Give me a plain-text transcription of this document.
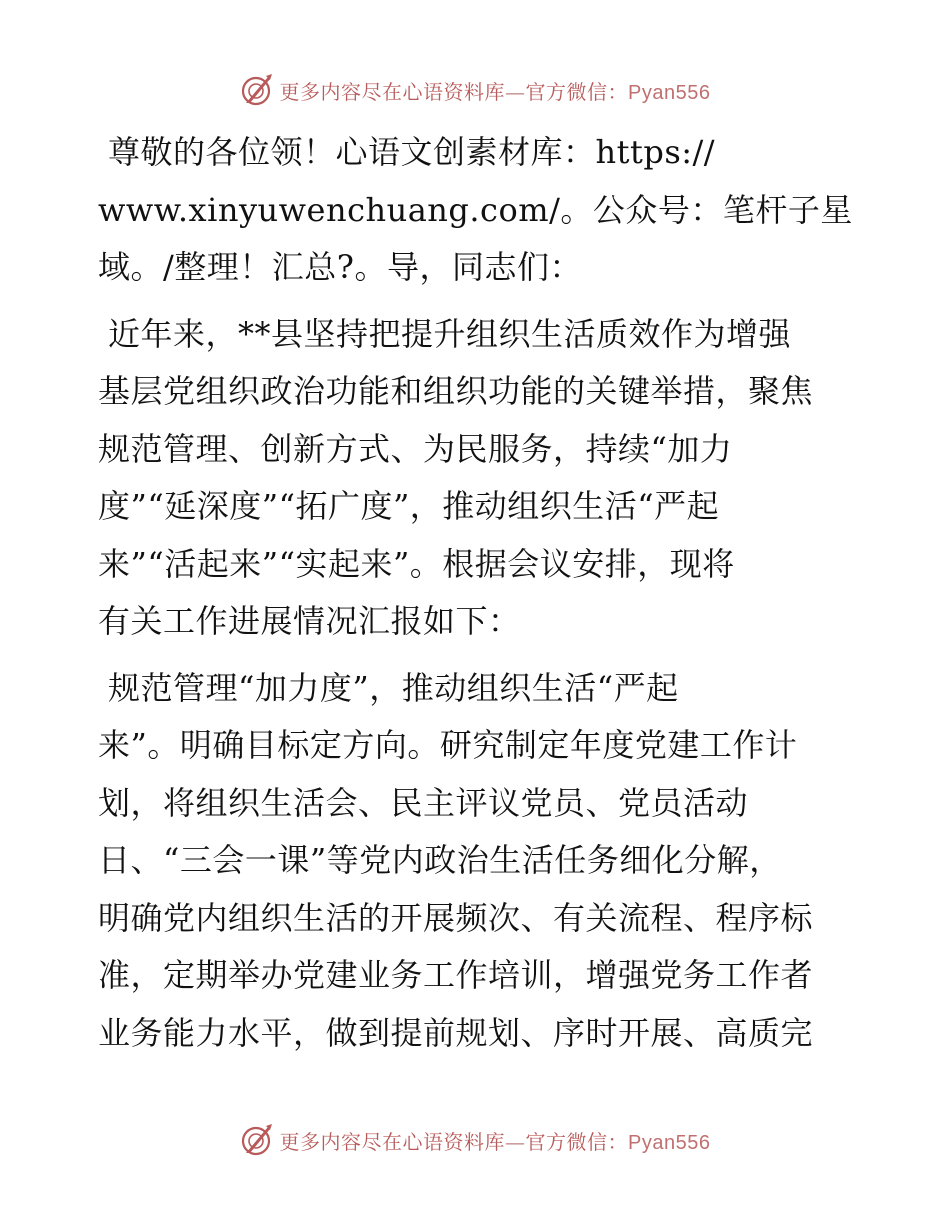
更多内容尽在心语资料库—官方微信：Pyan556

尊敬的各位领！心语文创素材库：https://
www.xinyuwenchuang.com/。公众号：笔杆子星
域。/整理！汇总?。导，同志们：

近年来，**县坚持把提升组织生活质效作为增强
基层党组织政治功能和组织功能的关键举措，聚焦
规范管理、创新方式、为民服务，持续“加力
度”“延深度”“拓广度”，推动组织生活“严起
来”“活起来”“实起来”。根据会议安排，现将
有关工作进展情况汇报如下：

规范管理“加力度”，推动组织生活“严起
来”。明确目标定方向。研究制定年度党建工作计
划，将组织生活会、民主评议党员、党员活动
日、“三会一课”等党内政治生活任务细化分解，
明确党内组织生活的开展频次、有关流程、程序标
准，定期举办党建业务工作培训，增强党务工作者
业务能力水平，做到提前规划、序时开展、高质完

更多内容尽在心语资料库—官方微信：Pyan556
